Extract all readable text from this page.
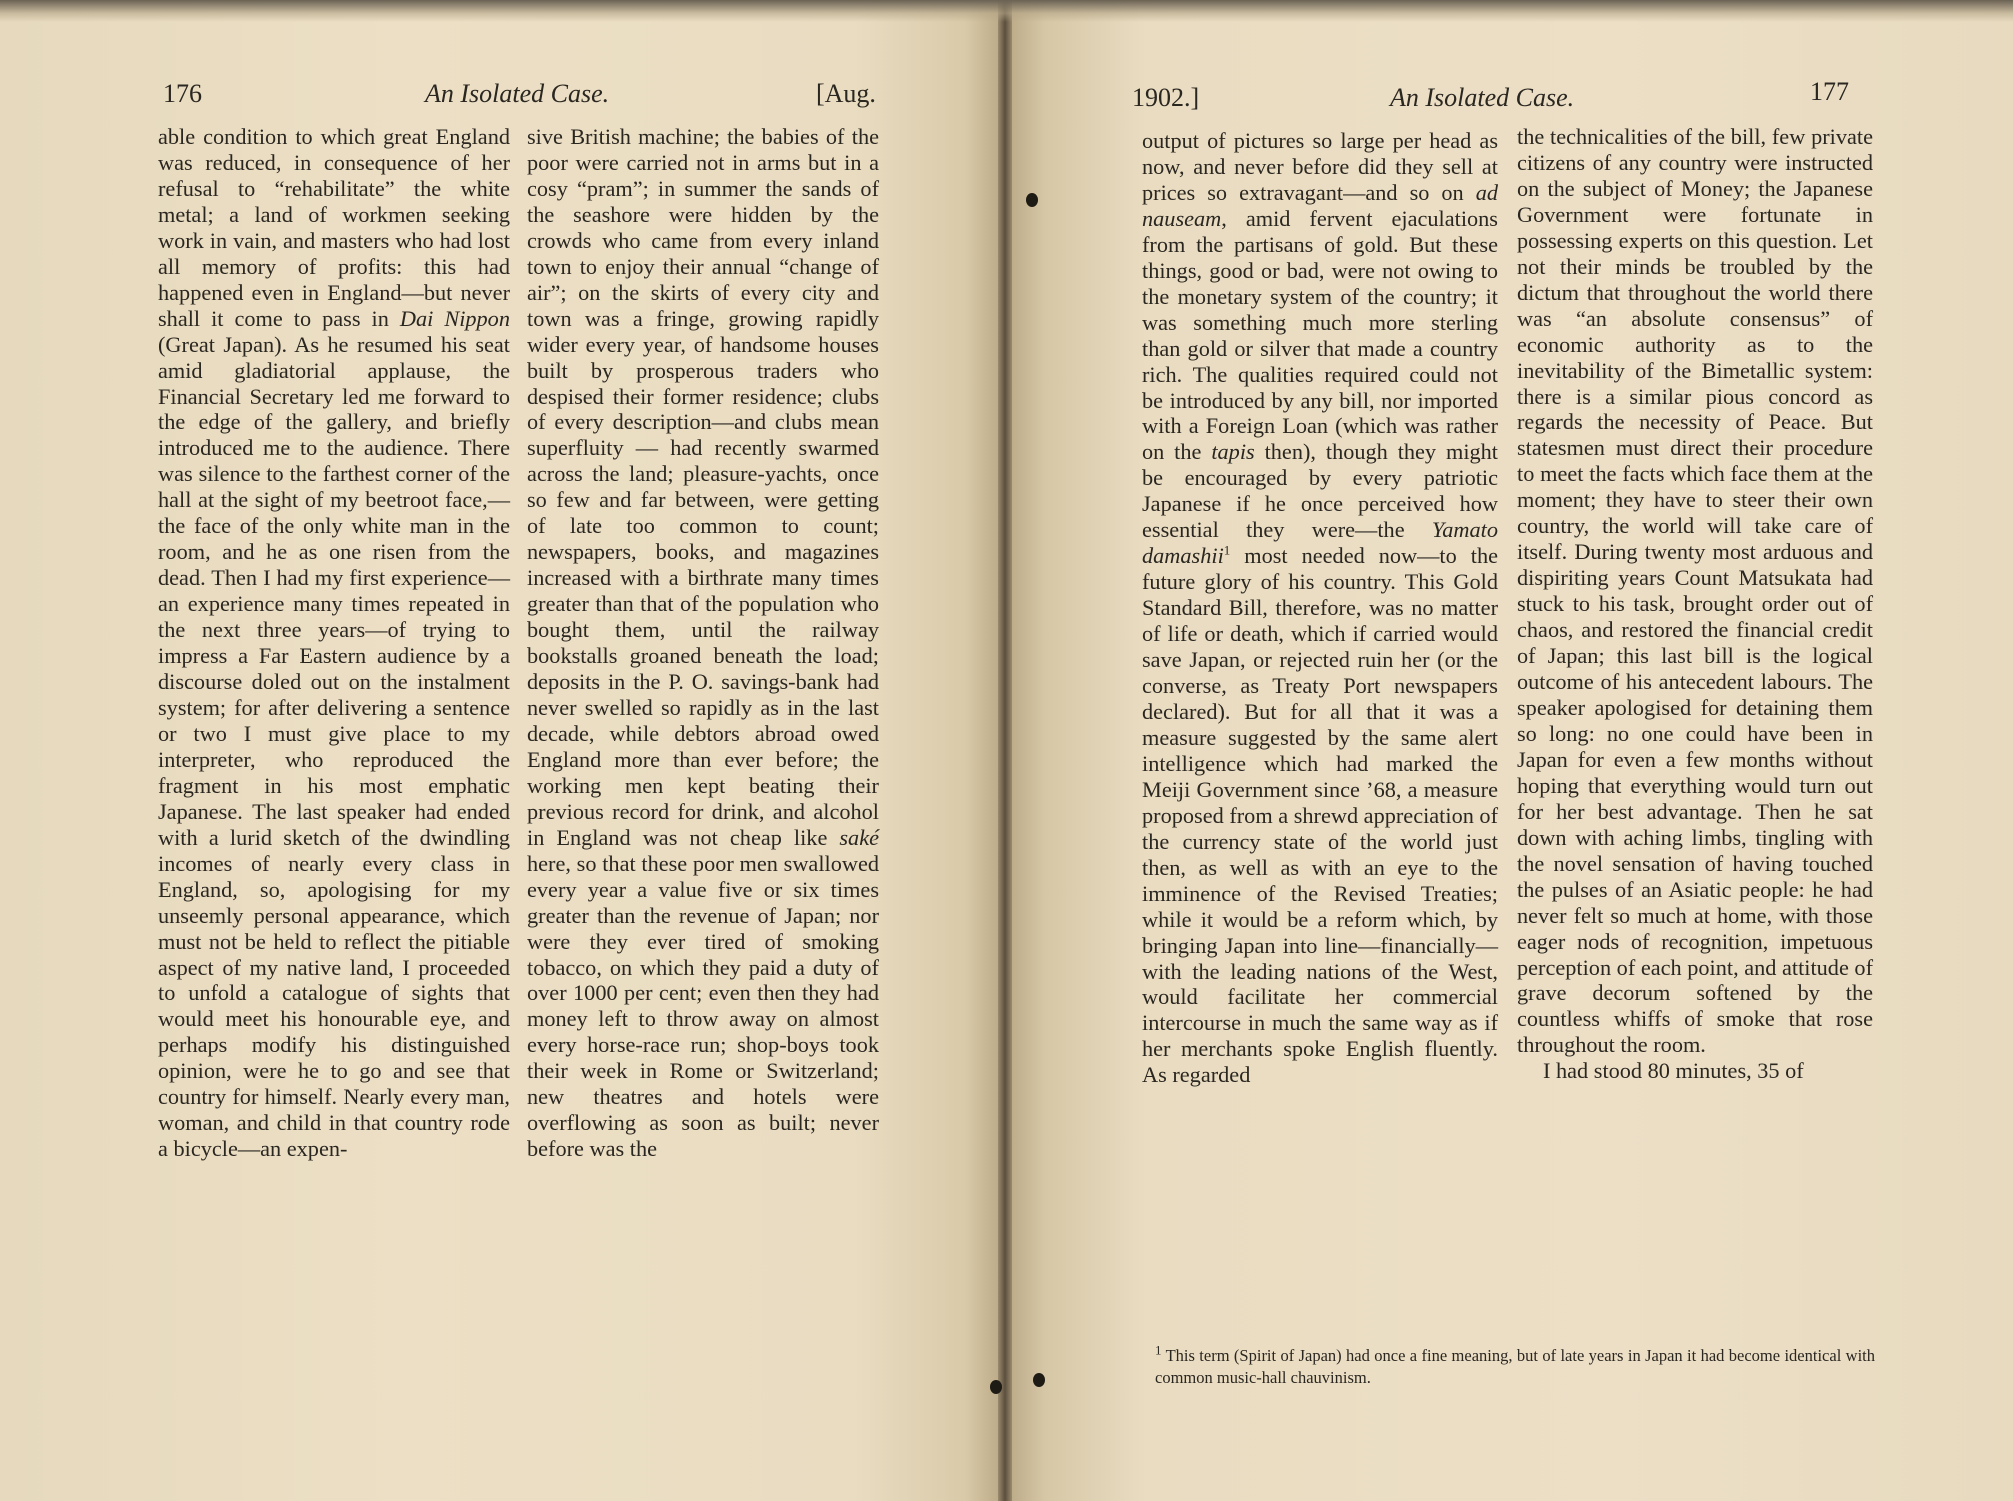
176	An Isolated Case.	[Aug.

able condition to which great England was reduced, in consequence of her refusal to “rehabilitate” the white metal; a land of workmen seeking work in vain, and masters who had lost all memory of profits: this had happened even in England—but never shall it come to pass in Dai Nippon (Great Japan). As he resumed his seat amid gladiatorial applause, the Financial Secretary led me forward to the edge of the gallery, and briefly introduced me to the audience. There was silence to the farthest corner of the hall at the sight of my beetroot face,—the face of the only white man in the room, and he as one risen from the dead. Then I had my first experience—an experience many times repeated in the next three years—of trying to impress a Far Eastern audience by a discourse doled out on the instalment system; for after delivering a sentence or two I must give place to my interpreter, who reproduced the fragment in his most emphatic Japanese. The last speaker had ended with a lurid sketch of the dwindling incomes of nearly every class in England, so, apologising for my unseemly personal appearance, which must not be held to reflect the pitiable aspect of my native land, I proceeded to unfold a catalogue of sights that would meet his honourable eye, and perhaps modify his distinguished opinion, were he to go and see that country for himself. Nearly every man, woman, and child in that country rode a bicycle—an expen-

sive British machine; the babies of the poor were carried not in arms but in a cosy “pram”; in summer the sands of the seashore were hidden by the crowds who came from every inland town to enjoy their annual “change of air”; on the skirts of every city and town was a fringe, growing rapidly wider every year, of handsome houses built by prosperous traders who despised their former residence; clubs of every description—and clubs mean superfluity — had recently swarmed across the land; pleasure-yachts, once so few and far between, were getting of late too common to count; newspapers, books, and magazines increased with a birthrate many times greater than that of the population who bought them, until the railway bookstalls groaned beneath the load; deposits in the P. O. savings-bank had never swelled so rapidly as in the last decade, while debtors abroad owed England more than ever before; the working men kept beating their previous record for drink, and alcohol in England was not cheap like saké here, so that these poor men swallowed every year a value five or six times greater than the revenue of Japan; nor were they ever tired of smoking tobacco, on which they paid a duty of over 1000 per cent; even then they had money left to throw away on almost every horse-race run; shop-boys took their week in Rome or Switzerland; new theatres and hotels were overflowing as soon as built; never before was the

1902.]	An Isolated Case.	177

output of pictures so large per head as now, and never before did they sell at prices so extravagant—and so on ad nauseam, amid fervent ejaculations from the partisans of gold. But these things, good or bad, were not owing to the monetary system of the country; it was something much more sterling than gold or silver that made a country rich. The qualities required could not be introduced by any bill, nor imported with a Foreign Loan (which was rather on the tapis then), though they might be encouraged by every patriotic Japanese if he once perceived how essential they were—the Yamato damashii$^1$ most needed now—to the future glory of his country. This Gold Standard Bill, therefore, was no matter of life or death, which if carried would save Japan, or rejected ruin her (or the converse, as Treaty Port newspapers declared). But for all that it was a measure suggested by the same alert intelligence which had marked the Meiji Government since ’68, a measure proposed from a shrewd appreciation of the currency state of the world just then, as well as with an eye to the imminence of the Revised Treaties; while it would be a reform which, by bringing Japan into line—financially—with the leading nations of the West, would facilitate her commercial intercourse in much the same way as if her merchants spoke English fluently. As regarded

the technicalities of the bill, few private citizens of any country were instructed on the subject of Money; the Japanese Government were fortunate in possessing experts on this question. Let not their minds be troubled by the dictum that throughout the world there was “an absolute consensus” of economic authority as to the inevitability of the Bimetallic system: there is a similar pious concord as regards the necessity of Peace. But statesmen must direct their procedure to meet the facts which face them at the moment; they have to steer their own country, the world will take care of itself. During twenty most arduous and dispiriting years Count Matsukata had stuck to his task, brought order out of chaos, and restored the financial credit of Japan; this last bill is the logical outcome of his antecedent labours. The speaker apologised for detaining them so long: no one could have been in Japan for even a few months without hoping that everything would turn out for her best advantage. Then he sat down with aching limbs, tingling with the novel sensation of having touched the pulses of an Asiatic people: he had never felt so much at home, with those eager nods of recognition, impetuous perception of each point, and attitude of grave decorum softened by the countless whiffs of smoke that rose throughout the room.

I had stood 80 minutes, 35 of

$^1$ This term (Spirit of Japan) had once a fine meaning, but of late years in Japan it had become identical with common music-hall chauvinism.
